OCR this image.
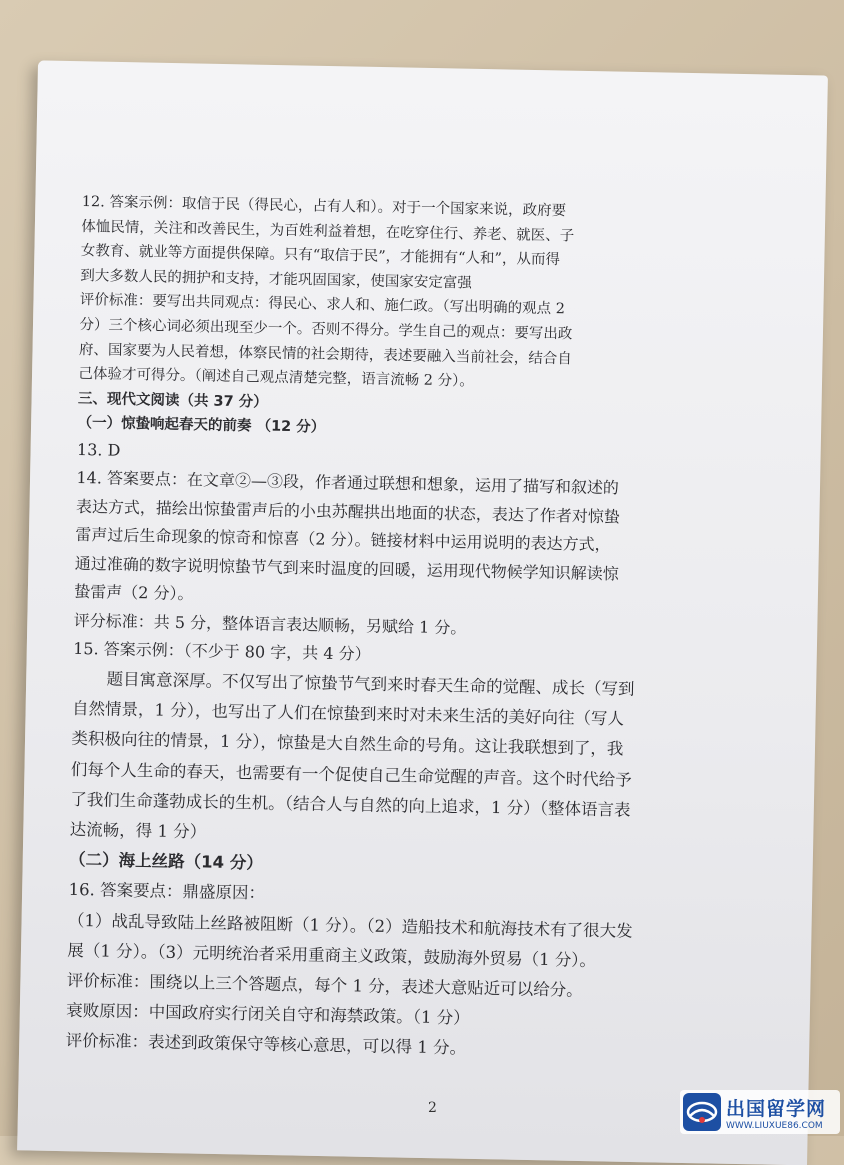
12. 答案示例：取信于民（得民心，占有人和）。对于一个国家来说，政府要

体恤民情，关注和改善民生，为百姓利益着想，在吃穿住行、养老、就医、子

女教育、就业等方面提供保障。只有“取信于民”，才能拥有“人和”，从而得

到大多数人民的拥护和支持，才能巩固国家，使国家安定富强

评价标准：要写出共同观点：得民心、求人和、施仁政。（写出明确的观点 2

分）三个核心词必须出现至少一个。否则不得分。学生自己的观点：要写出政

府、国家要为人民着想，体察民情的社会期待，表述要融入当前社会，结合自

己体验才可得分。（阐述自己观点清楚完整，语言流畅 2 分）。

三、现代文阅读（共 37 分）

（一）惊蛰响起春天的前奏 （12 分）

13. D

14. 答案要点：在文章②—③段，作者通过联想和想象，运用了描写和叙述的

表达方式，描绘出惊蛰雷声后的小虫苏醒拱出地面的状态，表达了作者对惊蛰

雷声过后生命现象的惊奇和惊喜（2 分）。链接材料中运用说明的表达方式，

通过准确的数字说明惊蛰节气到来时温度的回暖，运用现代物候学知识解读惊

蛰雷声（2 分）。

评分标准：共 5 分，整体语言表达顺畅，另赋给 1 分。

15. 答案示例：（不少于 80 字，共 4 分）

题目寓意深厚。不仅写出了惊蛰节气到来时春天生命的觉醒、成长（写到

自然情景，1 分），也写出了人们在惊蛰到来时对未来生活的美好向往（写人

类积极向往的情景，1 分），惊蛰是大自然生命的号角。这让我联想到了，我

们每个人生命的春天，也需要有一个促使自己生命觉醒的声音。这个时代给予

了我们生命蓬勃成长的生机。（结合人与自然的向上追求，1 分）（整体语言表

达流畅，得 1 分）

（二）海上丝路（14 分）

16. 答案要点：鼎盛原因：

（1）战乱导致陆上丝路被阻断（1 分）。（2）造船技术和航海技术有了很大发

展（1 分）。（3）元明统治者采用重商主义政策，鼓励海外贸易（1 分）。

评价标准：围绕以上三个答题点，每个 1 分，表述大意贴近可以给分。

衰败原因：中国政府实行闭关自守和海禁政策。（1 分）

评价标准：表述到政策保守等核心意思，可以得 1 分。

2	出国留学网
WWW.LIUXUE86.COM
